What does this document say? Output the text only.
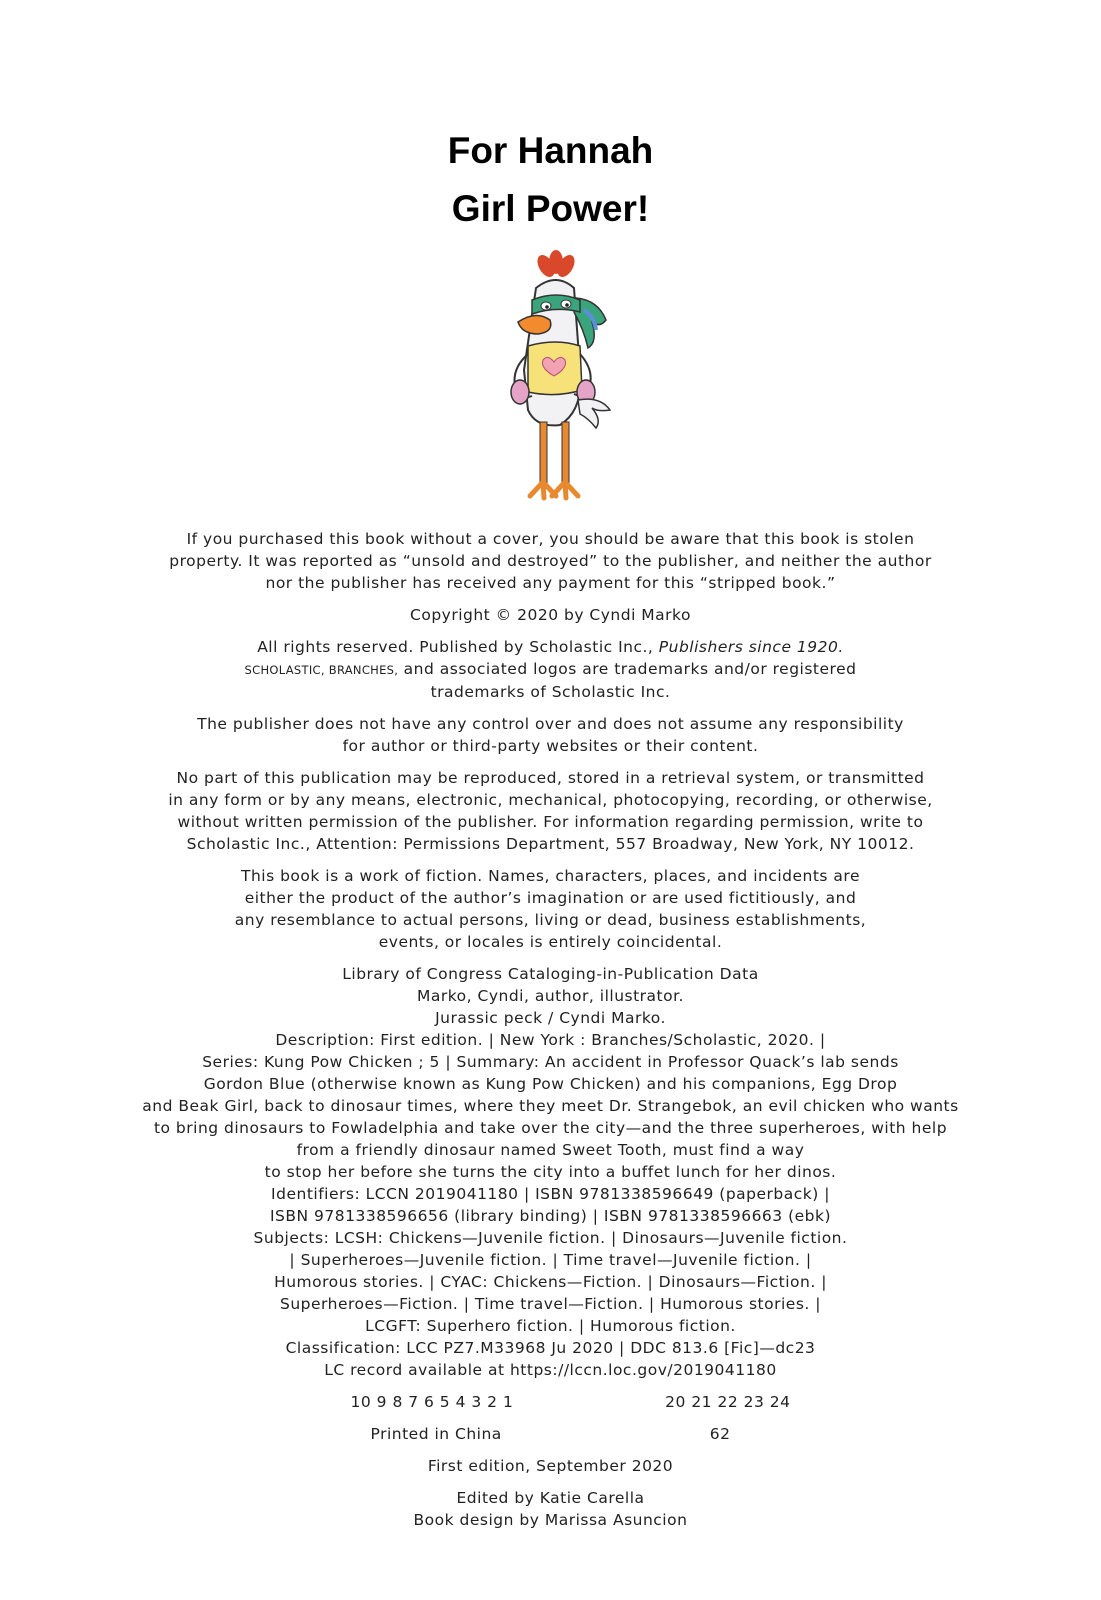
For Hannah
Girl Power!

If you purchased this book without a cover, you should be aware that this book is stolen
property. It was reported as “unsold and destroyed” to the publisher, and neither the author
nor the publisher has received any payment for this “stripped book.”

Copyright © 2020 by Cyndi Marko

All rights reserved. Published by Scholastic Inc., Publishers since 1920.
SCHOLASTIC, BRANCHES, and associated logos are trademarks and/or registered
trademarks of Scholastic Inc.

The publisher does not have any control over and does not assume any responsibility
for author or third-party websites or their content.

No part of this publication may be reproduced, stored in a retrieval system, or transmitted
in any form or by any means, electronic, mechanical, photocopying, recording, or otherwise,
without written permission of the publisher. For information regarding permission, write to
Scholastic Inc., Attention: Permissions Department, 557 Broadway, New York, NY 10012.

This book is a work of fiction. Names, characters, places, and incidents are
either the product of the author’s imagination or are used fictitiously, and
any resemblance to actual persons, living or dead, business establishments,
events, or locales is entirely coincidental.

Library of Congress Cataloging-in-Publication Data
Marko, Cyndi, author, illustrator.
Jurassic peck / Cyndi Marko.
Description: First edition. | New York : Branches/Scholastic, 2020. |
Series: Kung Pow Chicken ; 5 | Summary: An accident in Professor Quack’s lab sends
Gordon Blue (otherwise known as Kung Pow Chicken) and his companions, Egg Drop
and Beak Girl, back to dinosaur times, where they meet Dr. Strangebok, an evil chicken who wants
to bring dinosaurs to Fowladelphia and take over the city—and the three superheroes, with help
from a friendly dinosaur named Sweet Tooth, must find a way
to stop her before she turns the city into a buffet lunch for her dinos.
Identifiers: LCCN 2019041180 | ISBN 9781338596649 (paperback) |
ISBN 9781338596656 (library binding) | ISBN 9781338596663 (ebk)
Subjects: LCSH: Chickens—Juvenile fiction. | Dinosaurs—Juvenile fiction.
| Superheroes—Juvenile fiction. | Time travel—Juvenile fiction. |
Humorous stories. | CYAC: Chickens—Fiction. | Dinosaurs—Fiction. |
Superheroes—Fiction. | Time travel—Fiction. | Humorous stories. |
LCGFT: Superhero fiction. | Humorous fiction.
Classification: LCC PZ7.M33968 Ju 2020 | DDC 813.6 [Fic]—dc23
LC record available at https://lccn.loc.gov/2019041180

10 9 8 7 6 5 4 3 2 1	20 21 22 23 24
Printed in China	62

First edition, September 2020

Edited by Katie Carella
Book design by Marissa Asuncion
